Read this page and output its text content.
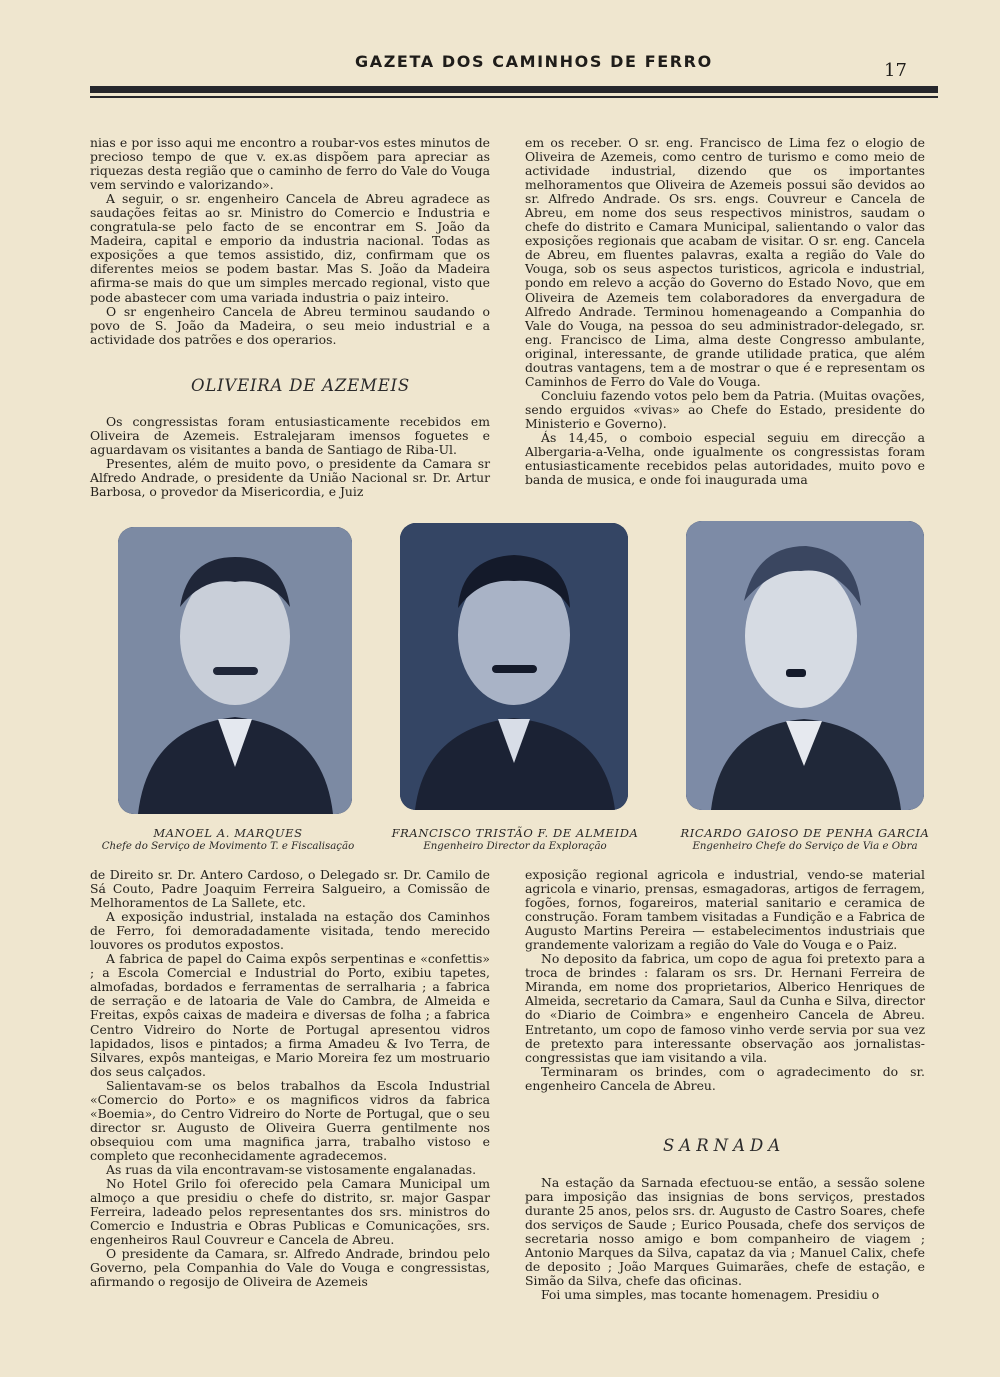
GAZETA DOS CAMINHOS DE FERRO	17

nias e por isso aqui me encontro a roubar-vos estes minutos de precioso tempo de que v. ex.as dispõem para apreciar as riquezas desta região que o caminho de ferro do Vale do Vouga vem servindo e valorizando».

A seguir, o sr. engenheiro Cancela de Abreu agradece as saudações feitas ao sr. Ministro do Comercio e Industria e congratula-se pelo facto de se encontrar em S. João da Madeira, capital e emporio da industria nacional. Todas as exposições a que temos assistido, diz, confirmam que os diferentes meios se podem bastar. Mas S. João da Madeira afirma-se mais do que um simples mercado regional, visto que pode abastecer com uma variada industria o paiz inteiro.

O sr engenheiro Cancela de Abreu terminou saudando o povo de S. João da Madeira, o seu meio industrial e a actividade dos patrões e dos operarios.

OLIVEIRA DE AZEMEIS

Os congressistas foram entusiasticamente recebidos em Oliveira de Azemeis. Estralejaram imensos foguetes e aguardavam os visitantes a banda de Santiago de Riba-Ul.

Presentes, além de muito povo, o presidente da Camara sr Alfredo Andrade, o presidente da União Nacional sr. Dr. Artur Barbosa, o provedor da Misericordia, e Juiz

em os receber. O sr. eng. Francisco de Lima fez o elogio de Oliveira de Azemeis, como centro de turismo e como meio de actividade industrial, dizendo que os importantes melhoramentos que Oliveira de Azemeis possui são devidos ao sr. Alfredo Andrade. Os srs. engs. Couvreur e Cancela de Abreu, em nome dos seus respectivos ministros, saudam o chefe do distrito e Camara Municipal, salientando o valor das exposições regionais que acabam de visitar. O sr. eng. Cancela de Abreu, em fluentes palavras, exalta a região do Vale do Vouga, sob os seus aspectos turisticos, agricola e industrial, pondo em relevo a acção do Governo do Estado Novo, que em Oliveira de Azemeis tem colaboradores da envergadura de Alfredo Andrade. Terminou homenageando a Companhia do Vale do Vouga, na pessoa do seu administrador-delegado, sr. eng. Francisco de Lima, alma deste Congresso ambulante, original, interessante, de grande utilidade pratica, que além doutras vantagens, tem a de mostrar o que é e representam os Caminhos de Ferro do Vale do Vouga.

Concluiu fazendo votos pelo bem da Patria. (Muitas ovações, sendo erguidos «vivas» ao Chefe do Estado, presidente do Ministerio e Governo).

Ás 14,45, o comboio especial seguiu em direcção a Albergaria-a-Velha, onde igualmente os congressistas foram entusiasticamente recebidos pelas autoridades, muito povo e banda de musica, e onde foi inaugurada uma

MANOEL A. MARQUES
Chefe do Serviço de Movimento T. e Fiscalisação
FRANCISCO TRISTÃO F. DE ALMEIDA
Engenheiro Director da Exploração
RICARDO GAIOSO DE PENHA GARCIA
Engenheiro Chefe do Serviço de Via e Obra

de Direito sr. Dr. Antero Cardoso, o Delegado sr. Dr. Camilo de Sá Couto, Padre Joaquim Ferreira Salgueiro, a Comissão de Melhoramentos de La Sallete, etc.

A exposição industrial, instalada na estação dos Caminhos de Ferro, foi demoradadamente visitada, tendo merecido louvores os produtos expostos.

A fabrica de papel do Caima expôs serpentinas e «confettis» ; a Escola Comercial e Industrial do Porto, exibiu tapetes, almofadas, bordados e ferramentas de serralharia ; a fabrica de serração e de latoaria de Vale do Cambra, de Almeida e Freitas, expôs caixas de madeira e diversas de folha ; a fabrica Centro Vidreiro do Norte de Portugal apresentou vidros lapidados, lisos e pintados; a firma Amadeu & Ivo Terra, de Silvares, expôs manteigas, e Mario Moreira fez um mostruario dos seus calçados.

Salientavam-se os belos trabalhos da Escola Industrial «Comercio do Porto» e os magnificos vidros da fabrica «Boemia», do Centro Vidreiro do Norte de Portugal, que o seu director sr. Augusto de Oliveira Guerra gentilmente nos obsequiou com uma magnifica jarra, trabalho vistoso e completo que reconhecidamente agradecemos.

As ruas da vila encontravam-se vistosamente engalanadas.

No Hotel Grilo foi oferecido pela Camara Municipal um almoço a que presidiu o chefe do distrito, sr. major Gaspar Ferreira, ladeado pelos representantes dos srs. ministros do Comercio e Industria e Obras Publicas e Comunicações, srs. engenheiros Raul Couvreur e Cancela de Abreu.

O presidente da Camara, sr. Alfredo Andrade, brindou pelo Governo, pela Companhia do Vale do Vouga e congressistas, afirmando o regosijo de Oliveira de Azemeis

exposição regional agricola e industrial, vendo-se material agricola e vinario, prensas, esmagadoras, artigos de ferragem, fogões, fornos, fogareiros, material sanitario e ceramica de construção. Foram tambem visitadas a Fundição e a Fabrica de Augusto Martins Pereira — estabelecimentos industriais que grandemente valorizam a região do Vale do Vouga e o Paiz.

No deposito da fabrica, um copo de agua foi pretexto para a troca de brindes : falaram os srs. Dr. Hernani Ferreira de Miranda, em nome dos proprietarios, Alberico Henriques de Almeida, secretario da Camara, Saul da Cunha e Silva, director do «Diario de Coimbra» e engenheiro Cancela de Abreu. Entretanto, um copo de famoso vinho verde servia por sua vez de pretexto para interessante observação aos jornalistas-congressistas que iam visitando a vila.

Terminaram os brindes, com o agradecimento do sr. engenheiro Cancela de Abreu.

SARNADA

Na estação da Sarnada efectuou-se então, a sessão solene para imposição das insignias de bons serviços, prestados durante 25 anos, pelos srs. dr. Augusto de Castro Soares, chefe dos serviços de Saude ; Eurico Pousada, chefe dos serviços de secretaria nosso amigo e bom companheiro de viagem ; Antonio Marques da Silva, capataz da via ; Manuel Calix, chefe de deposito ; João Marques Guimarães, chefe de estação, e Simão da Silva, chefe das oficinas.

Foi uma simples, mas tocante homenagem. Presidiu o
